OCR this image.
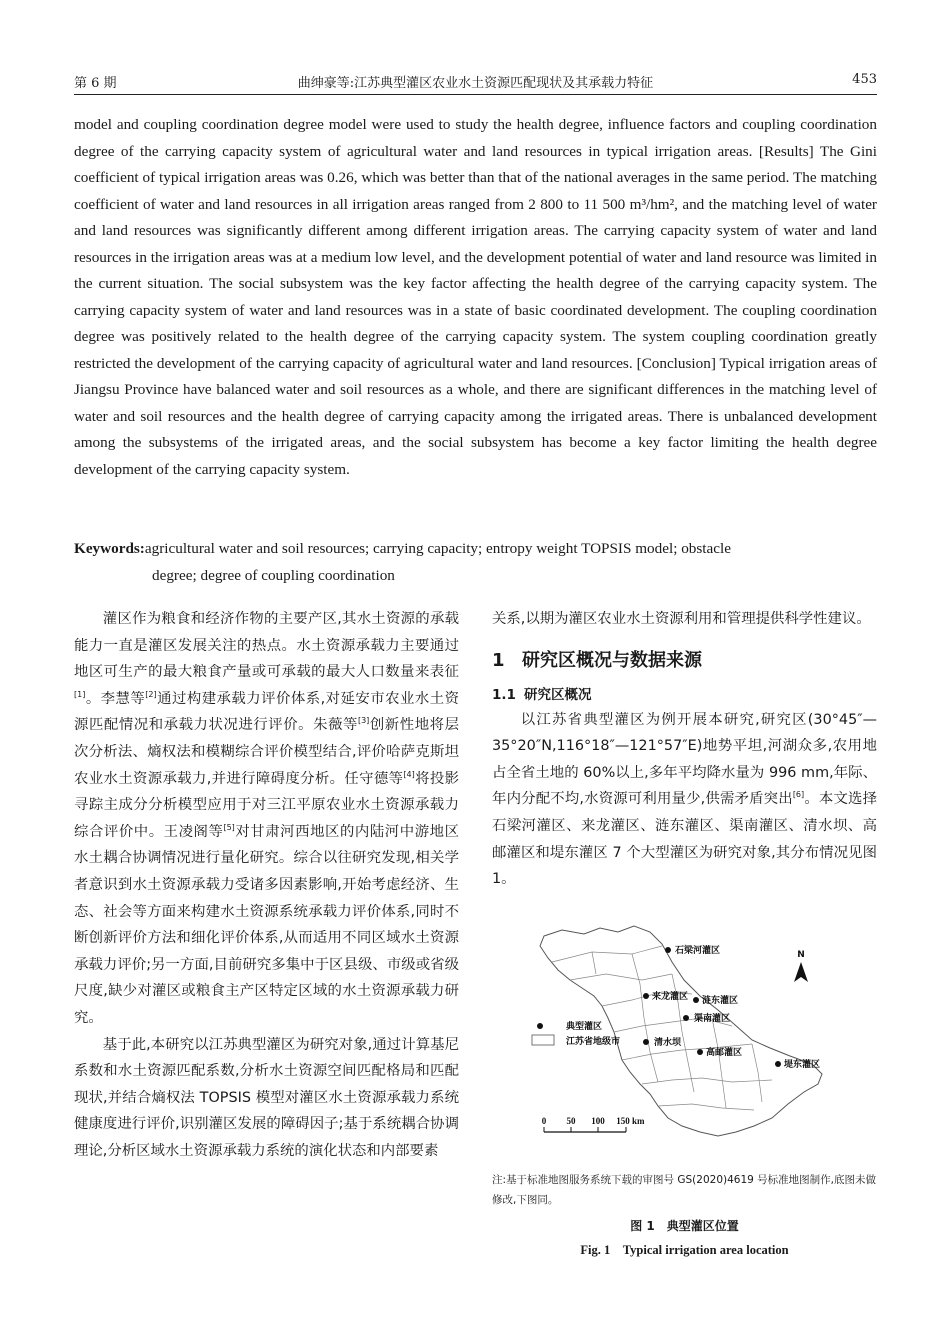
第 6 期	曲绅豪等:江苏典型灌区农业水土资源匹配现状及其承载力特征	453

model and coupling coordination degree model were used to study the health degree, influence factors and coupling coordination degree of the carrying capacity system of agricultural water and land resources in typical irrigation areas. [Results] The Gini coefficient of typical irrigation areas was 0.26, which was better than that of the national averages in the same period. The matching coefficient of water and land resources in all irrigation areas ranged from 2 800 to 11 500 m³/hm², and the matching level of water and land resources was significantly different among different irrigation areas. The carrying capacity system of water and land resources in the irrigation areas was at a medium low level, and the development potential of water and land resource was limited in the current situation. The social subsystem was the key factor affecting the health degree of the carrying capacity system. The carrying capacity system of water and land resources was in a state of basic coordinated development. The coupling coordination degree was positively related to the health degree of the carrying capacity system. The system coupling coordination greatly restricted the development of the carrying capacity of agricultural water and land resources. [Conclusion] Typical irrigation areas of Jiangsu Province have balanced water and soil resources as a whole, and there are significant differences in the matching level of water and soil resources and the health degree of carrying capacity among the irrigated areas. There is unbalanced development among the subsystems of the irrigated areas, and the social subsystem has become a key factor limiting the health degree development of the carrying capacity system.

Keywords:agricultural water and soil resources; carrying capacity; entropy weight TOPSIS model; obstacle
degree; degree of coupling coordination

灌区作为粮食和经济作物的主要产区,其水土资源的承载能力一直是灌区发展关注的热点。水土资源承载力主要通过地区可生产的最大粮食产量或可承载的最大人口数量来表征[1]。李慧等[2]通过构建承载力评价体系,对延安市农业水土资源匹配情况和承载力状况进行评价。朱薇等[3]创新性地将层次分析法、熵权法和模糊综合评价模型结合,评价哈萨克斯坦农业水土资源承载力,并进行障碍度分析。任守德等[4]将投影寻踪主成分分析模型应用于对三江平原农业水土资源承载力综合评价中。王凌阁等[5]对甘肃河西地区的内陆河中游地区水土耦合协调情况进行量化研究。综合以往研究发现,相关学者意识到水土资源承载力受诸多因素影响,开始考虑经济、生态、社会等方面来构建水土资源系统承载力评价体系,同时不断创新评价方法和细化评价体系,从而适用不同区域水土资源承载力评价;另一方面,目前研究多集中于区县级、市级或省级尺度,缺少对灌区或粮食主产区特定区域的水土资源承载力研究。

基于此,本研究以江苏典型灌区为研究对象,通过计算基尼系数和水土资源匹配系数,分析水土资源空间匹配格局和匹配现状,并结合熵权法 TOPSIS 模型对灌区水土资源承载力系统健康度进行评价,识别灌区发展的障碍因子;基于系统耦合协调理论,分析区域水土资源承载力系统的演化状态和内部要素

关系,以期为灌区农业水土资源利用和管理提供科学性建议。

1 研究区概况与数据来源
1.1 研究区概况

以江苏省典型灌区为例开展本研究,研究区(30°45″—35°20″N,116°18″—121°57″E)地势平坦,河湖众多,农用地占全省土地的 60%以上,多年平均降水量为 996 mm,年际、年内分配不均,水资源可利用量少,供需矛盾突出[6]。本文选择石梁河灌区、来龙灌区、涟东灌区、渠南灌区、清水坝、高邮灌区和堤东灌区 7 个大型灌区为研究对象,其分布情况见图 1。

石梁河灌区
来龙灌区 涟东灌区
渠南灌区
清水坝
高邮灌区
堤东灌区
N
典型灌区
江苏省地级市
0 50 100 150 km
注:基于标准地图服务系统下载的审图号 GS(2020)4619 号标准地图制作,底图未做修改,下图同。
图 1　典型灌区位置
Fig. 1　Typical irrigation area location
